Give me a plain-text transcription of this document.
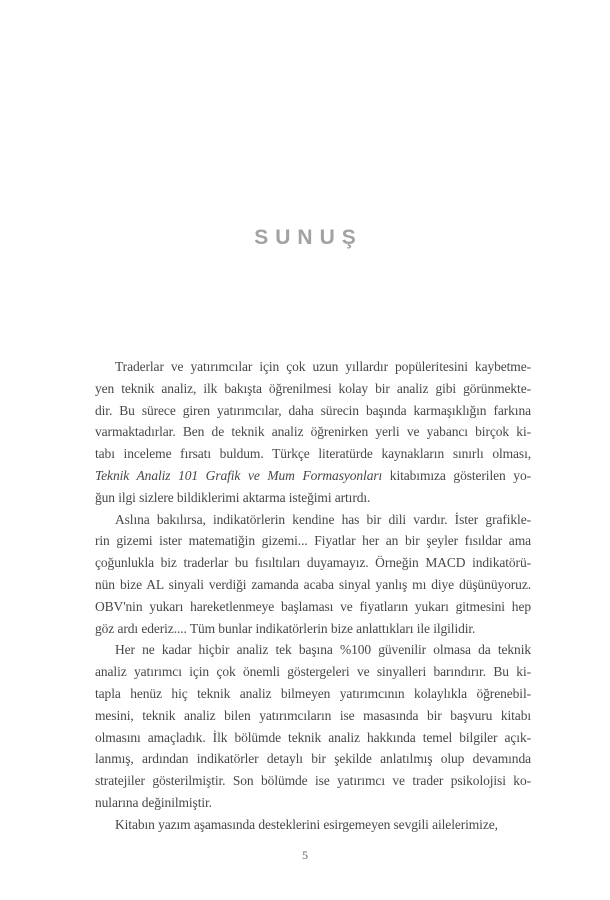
SUNUŞ
Traderlar ve yatırımcılar için çok uzun yıllardır popüleritesini kaybetme-
yen teknik analiz, ilk bakışta öğrenilmesi kolay bir analiz gibi görünmekte-
dir. Bu sürece giren yatırımcılar, daha sürecin başında karmaşıklığın farkına
varmaktadırlar. Ben de teknik analiz öğrenirken yerli ve yabancı birçok ki-
tabı inceleme fırsatı buldum. Türkçe literatürde kaynakların sınırlı olması,
Teknik Analiz 101 Grafik ve Mum Formasyonları kitabımıza gösterilen yo-
ğun ilgi sizlere bildiklerimi aktarma isteğimi artırdı.
Aslına bakılırsa, indikatörlerin kendine has bir dili vardır. İster grafikle-
rin gizemi ister matematiğin gizemi... Fiyatlar her an bir şeyler fısıldar ama
çoğunlukla biz traderlar bu fısıltıları duyamayız. Örneğin MACD indikatörü-
nün bize AL sinyali verdiği zamanda acaba sinyal yanlış mı diye düşünüyoruz.
OBV'nin yukarı hareketlenmeye başlaması ve fiyatların yukarı gitmesini hep
göz ardı ederiz.... Tüm bunlar indikatörlerin bize anlattıkları ile ilgilidir.
Her ne kadar hiçbir analiz tek başına %100 güvenilir olmasa da teknik
analiz yatırımcı için çok önemli göstergeleri ve sinyalleri barındırır. Bu ki-
tapla henüz hiç teknik analiz bilmeyen yatırımcının kolaylıkla öğrenebil-
mesini, teknik analiz bilen yatırımcıların ise masasında bir başvuru kitabı
olmasını amaçladık. İlk bölümde teknik analiz hakkında temel bilgiler açık-
lanmış, ardından indikatörler detaylı bir şekilde anlatılmış olup devamında
stratejiler gösterilmiştir. Son bölümde ise yatırımcı ve trader psikolojisi ko-
nularına değinilmiştir.
Kitabın yazım aşamasında desteklerini esirgemeyen sevgili ailelerimize,
5
